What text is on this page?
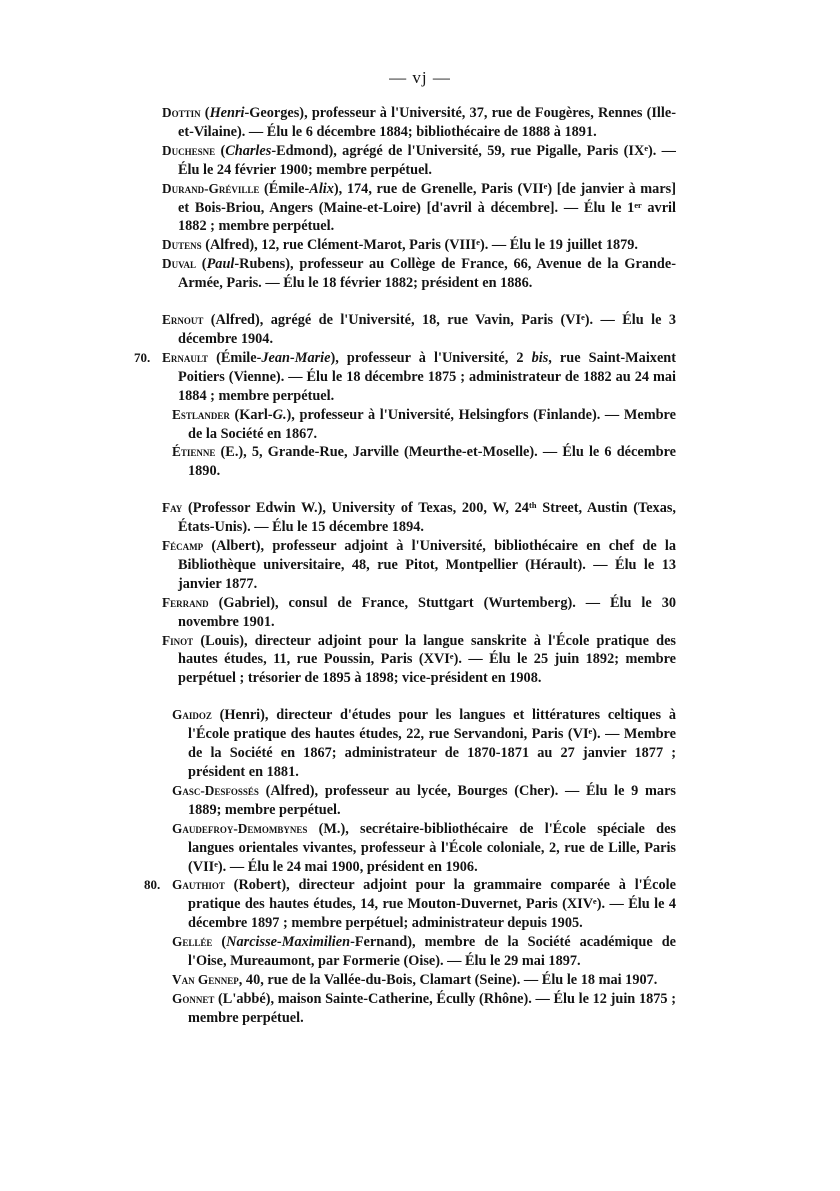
— vj —

Dottin (Henri-Georges), professeur à l'Université, 37, rue de Fougères, Rennes (Ille-et-Vilaine). — Élu le 6 décembre 1884; bibliothécaire de 1888 à 1891.

Duchesne (Charles-Edmond), agrégé de l'Université, 59, rue Pigalle, Paris (IXᵉ). — Élu le 24 février 1900; membre perpétuel.

Durand-Gréville (Émile-Alix), 174, rue de Grenelle, Paris (VIIᵉ) [de janvier à mars] et Bois-Briou, Angers (Maine-et-Loire) [d'avril à décembre]. — Élu le 1ᵉʳ avril 1882 ; membre perpétuel.

Dutens (Alfred), 12, rue Clément-Marot, Paris (VIIIᵉ). — Élu le 19 juillet 1879.

Duval (Paul-Rubens), professeur au Collège de France, 66, Avenue de la Grande-Armée, Paris. — Élu le 18 février 1882; président en 1886.

Ernout (Alfred), agrégé de l'Université, 18, rue Vavin, Paris (VIᵉ). — Élu le 3 décembre 1904.

70. Ernault (Émile-Jean-Marie), professeur à l'Université, 2 bis, rue Saint-Maixent Poitiers (Vienne). — Élu le 18 décembre 1875 ; administrateur de 1882 au 24 mai 1884 ; membre perpétuel.

Estlander (Karl-G.), professeur à l'Université, Helsingfors (Finlande). — Membre de la Société en 1867.

Étienne (E.), 5, Grande-Rue, Jarville (Meurthe-et-Moselle). — Élu le 6 décembre 1890.

Fay (Professor Edwin W.), University of Texas, 200, W, 24ᵗʰ Street, Austin (Texas, États-Unis). — Élu le 15 décembre 1894.

Fécamp (Albert), professeur adjoint à l'Université, bibliothécaire en chef de la Bibliothèque universitaire, 48, rue Pitot, Montpellier (Hérault). — Élu le 13 janvier 1877.

Ferrand (Gabriel), consul de France, Stuttgart (Wurtemberg). — Élu le 30 novembre 1901.

Finot (Louis), directeur adjoint pour la langue sanskrite à l'École pratique des hautes études, 11, rue Poussin, Paris (XVIᵉ). — Élu le 25 juin 1892; membre perpétuel ; trésorier de 1895 à 1898; vice-président en 1908.

Gaidoz (Henri), directeur d'études pour les langues et littératures celtiques à l'École pratique des hautes études, 22, rue Servandoni, Paris (VIᵉ). — Membre de la Société en 1867; administrateur de 1870-1871 au 27 janvier 1877 ; président en 1881.

Gasc-Desfossés (Alfred), professeur au lycée, Bourges (Cher). — Élu le 9 mars 1889; membre perpétuel.

Gaudefroy-Demombynes (M.), secrétaire-bibliothécaire de l'École spéciale des langues orientales vivantes, professeur à l'École coloniale, 2, rue de Lille, Paris (VIIᵉ). — Élu le 24 mai 1900, président en 1906.

80. Gauthiot (Robert), directeur adjoint pour la grammaire comparée à l'École pratique des hautes études, 14, rue Mouton-Duvernet, Paris (XIVᵉ). — Élu le 4 décembre 1897 ; membre perpétuel; administrateur depuis 1905.

Gellée (Narcisse-Maximilien-Fernand), membre de la Société académique de l'Oise, Mureaumont, par Formerie (Oise). — Élu le 29 mai 1897.

Van Gennep, 40, rue de la Vallée-du-Bois, Clamart (Seine). — Élu le 18 mai 1907.

Gonnet (L'abbé), maison Sainte-Catherine, Écully (Rhône). — Élu le 12 juin 1875 ; membre perpétuel.
